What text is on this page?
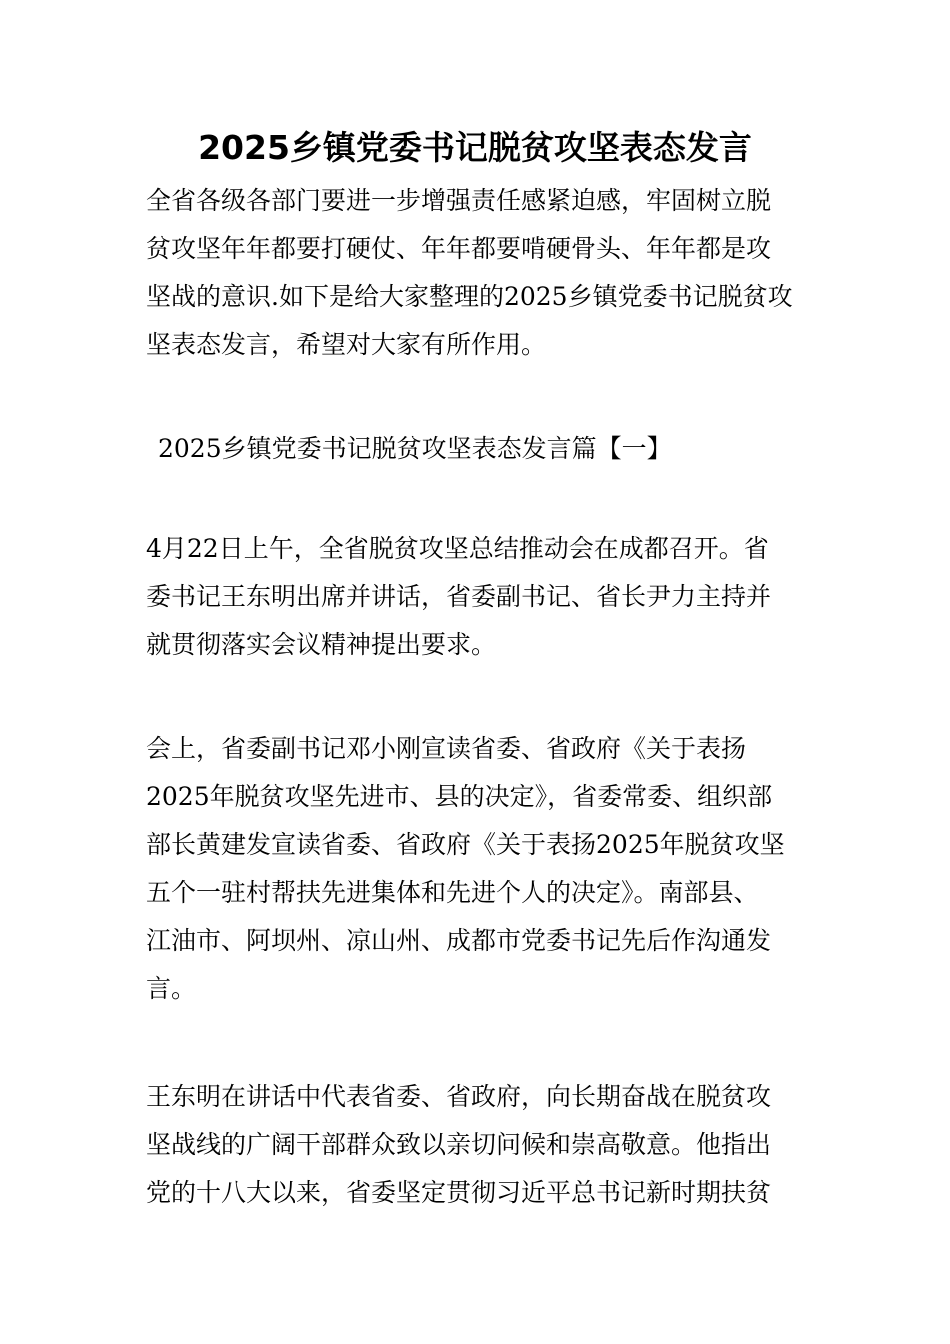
2025乡镇党委书记脱贫攻坚表态发言

全省各级各部门要进一步增强责任感紧迫感，牢固树立脱
贫攻坚年年都要打硬仗、年年都要啃硬骨头、年年都是攻
坚战的意识.如下是给大家整理的2025乡镇党委书记脱贫攻
坚表态发言，希望对大家有所作用。

2025乡镇党委书记脱贫攻坚表态发言篇【一】

4月22日上午，全省脱贫攻坚总结推动会在成都召开。省
委书记王东明出席并讲话，省委副书记、省长尹力主持并
就贯彻落实会议精神提出要求。

会上，省委副书记邓小刚宣读省委、省政府《关于表扬
2025年脱贫攻坚先进市、县的决定》，省委常委、组织部
部长黄建发宣读省委、省政府《关于表扬2025年脱贫攻坚
五个一驻村帮扶先进集体和先进个人的决定》。南部县、
江油市、阿坝州、凉山州、成都市党委书记先后作沟通发
言。

王东明在讲话中代表省委、省政府，向长期奋战在脱贫攻
坚战线的广阔干部群众致以亲切问候和崇高敬意。他指出
党的十八大以来，省委坚定贯彻习近平总书记新时期扶贫
